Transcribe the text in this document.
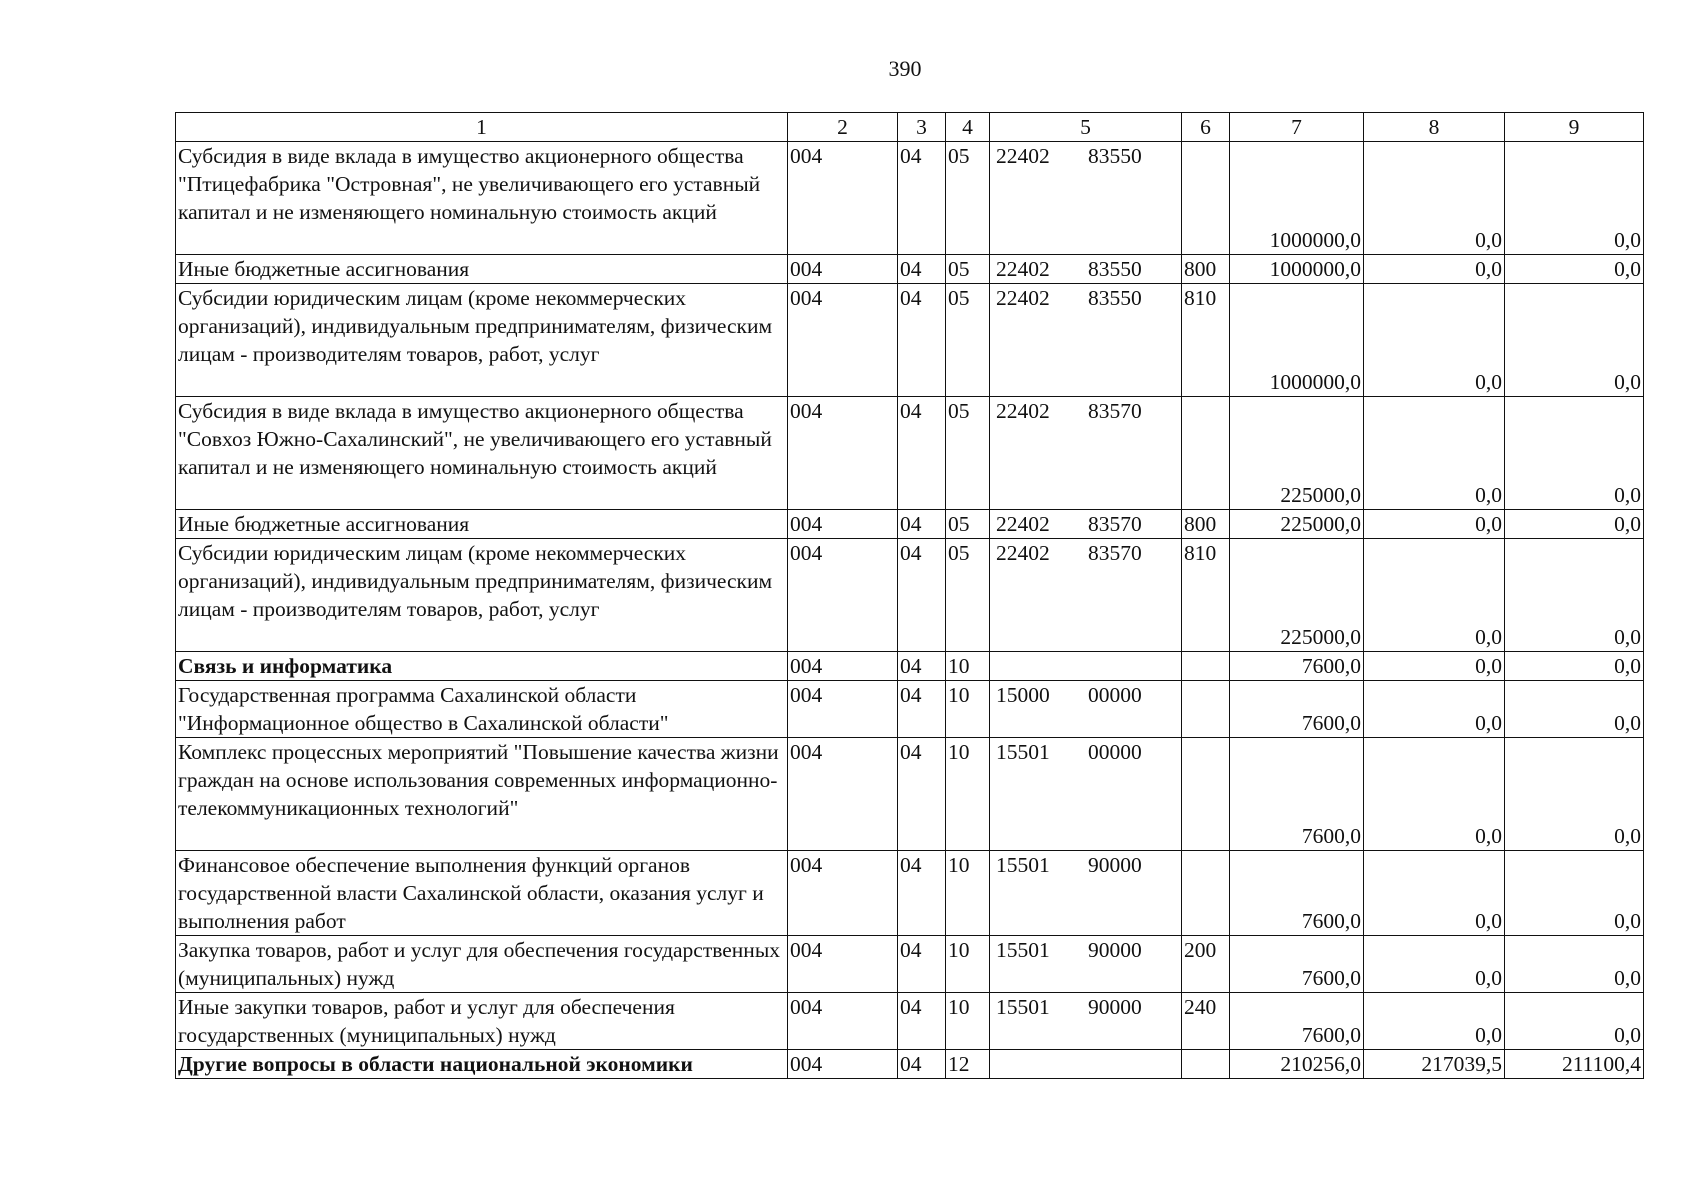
390
1	2	3	4	5	6	7	8	9
Субсидия в виде вклада в имущество акционерного общества "Птицефабрика "Островная", не увеличивающего его уставный капитал и не изменяющего номинальную стоимость акций	004	04	05	22402 83550		1000000,0	0,0	0,0
Иные бюджетные ассигнования	004	04	05	22402 83550	800	1000000,0	0,0	0,0
Субсидии юридическим лицам (кроме некоммерческих организаций), индивидуальным предпринимателям, физическим лицам - производителям товаров, работ, услуг	004	04	05	22402 83550	810	1000000,0	0,0	0,0
Субсидия в виде вклада в имущество акционерного общества "Совхоз Южно-Сахалинский", не увеличивающего его уставный капитал и не изменяющего номинальную стоимость акций	004	04	05	22402 83570		225000,0	0,0	0,0
Иные бюджетные ассигнования	004	04	05	22402 83570	800	225000,0	0,0	0,0
Субсидии юридическим лицам (кроме некоммерческих организаций), индивидуальным предпринимателям, физическим лицам - производителям товаров, работ, услуг	004	04	05	22402 83570	810	225000,0	0,0	0,0
Связь и информатика	004	04	10			7600,0	0,0	0,0
Государственная программа Сахалинской области "Информационное общество в Сахалинской области"	004	04	10	15000 00000		7600,0	0,0	0,0
Комплекс процессных мероприятий "Повышение качества жизни граждан на основе использования современных информационно-телекоммуникационных технологий"	004	04	10	15501 00000		7600,0	0,0	0,0
Финансовое обеспечение выполнения функций органов государственной власти Сахалинской области, оказания услуг и выполнения работ	004	04	10	15501 90000		7600,0	0,0	0,0
Закупка товаров, работ и услуг для обеспечения государственных (муниципальных) нужд	004	04	10	15501 90000	200	7600,0	0,0	0,0
Иные закупки товаров, работ и услуг для обеспечения государственных (муниципальных) нужд	004	04	10	15501 90000	240	7600,0	0,0	0,0
Другие вопросы в области национальной экономики	004	04	12			210256,0	217039,5	211100,4
